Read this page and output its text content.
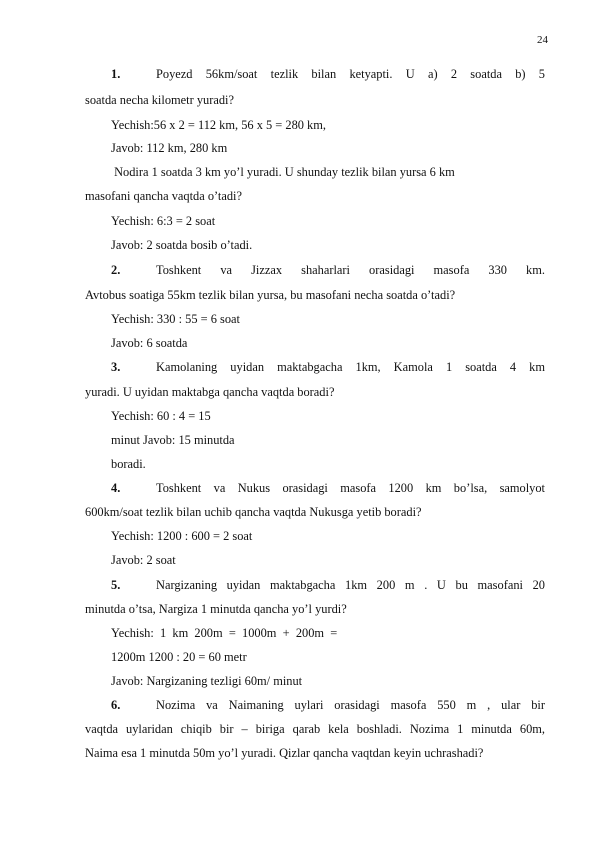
24
1.	Poyezd 56km/soat tezlik bilan ketyapti. U a) 2 soatda b) 5
soatda necha kilometr yuradi?
Yechish:56 x 2 = 112 km, 56 x 5 = 280 km,
Javob: 112 km, 280 km
Nodira 1 soatda 3 km yo’l yuradi. U shunday tezlik bilan yursa 6 km
masofani qancha vaqtda o’tadi?
Yechish: 6:3 = 2 soat
Javob: 2 soatda bosib o’tadi.
2.	Toshkent va Jizzax shaharlari orasidagi masofa 330 km.
Avtobus soatiga 55km tezlik bilan yursa, bu masofani necha soatda o’tadi?
Yechish: 330 : 55 = 6 soat
Javob: 6 soatda
3.	Kamolaning uyidan maktabgacha 1km, Kamola 1 soatda 4 km
yuradi. U uyidan maktabga qancha vaqtda boradi?
Yechish: 60 : 4 = 15
minut Javob: 15 minutda
boradi.
4.	Toshkent va Nukus orasidagi masofa 1200 km bo’lsa, samolyot
600km/soat tezlik bilan uchib qancha vaqtda Nukusga yetib boradi?
Yechish: 1200 : 600 = 2 soat
Javob: 2 soat
5.	Nargizaning uyidan maktabgacha 1km 200 m . U bu masofani 20
minutda o’tsa, Nargiza 1 minutda qancha yo’l yurdi?
Yechish:  1  km  200m  =  1000m  +  200m  =
1200m 1200 : 20 = 60 metr
Javob: Nargizaning tezligi 60m/ minut
6.	Nozima va Naimaning uylari orasidagi masofa 550 m , ular bir
vaqtda uylaridan chiqib bir – biriga qarab kela boshladi. Nozima 1 minutda 60m,
Naima esa 1 minutda 50m yo’l yuradi. Qizlar qancha vaqtdan keyin uchrashadi?
